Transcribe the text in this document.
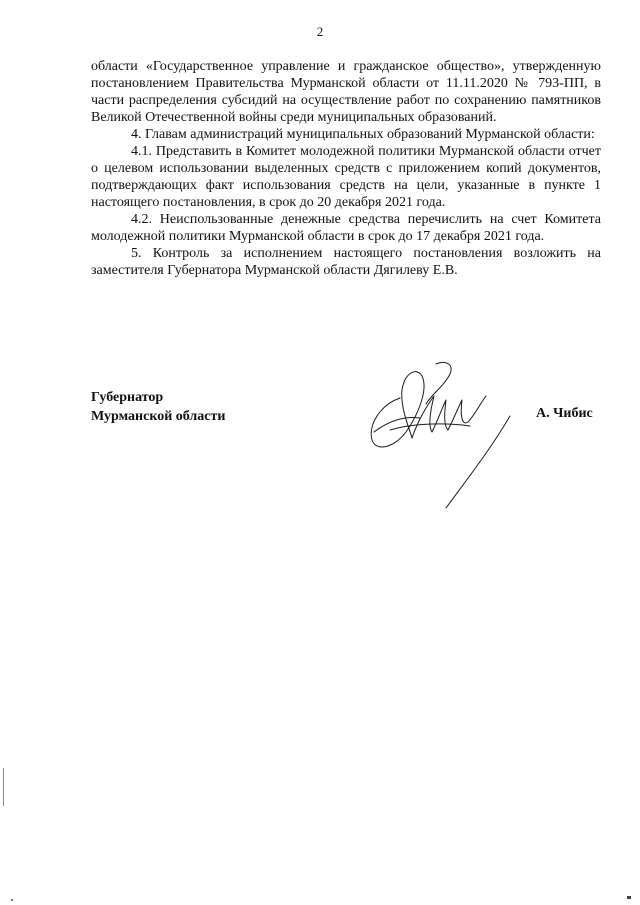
2

области «Государственное управление и гражданское общество», утвержденную постановлением Правительства Мурманской области от 11.11.2020 № 793-ПП, в части распределения субсидий на осуществление работ по сохранению памятников Великой Отечественной войны среди муниципальных образований.

4. Главам администраций муниципальных образований Мурманской области:

4.1. Представить в Комитет молодежной политики Мурманской области отчет о целевом использовании выделенных средств с приложением копий документов, подтверждающих факт использования средств на цели, указанные в пункте 1 настоящего постановления, в срок до 20 декабря 2021 года.

4.2. Неиспользованные денежные средства перечислить на счет Комитета молодежной политики Мурманской области в срок до 17 декабря 2021 года.

5. Контроль за исполнением настоящего постановления возложить на заместителя Губернатора Мурманской области Дягилеву Е.В.

Губернатор
Мурманской области	А. Чибис
